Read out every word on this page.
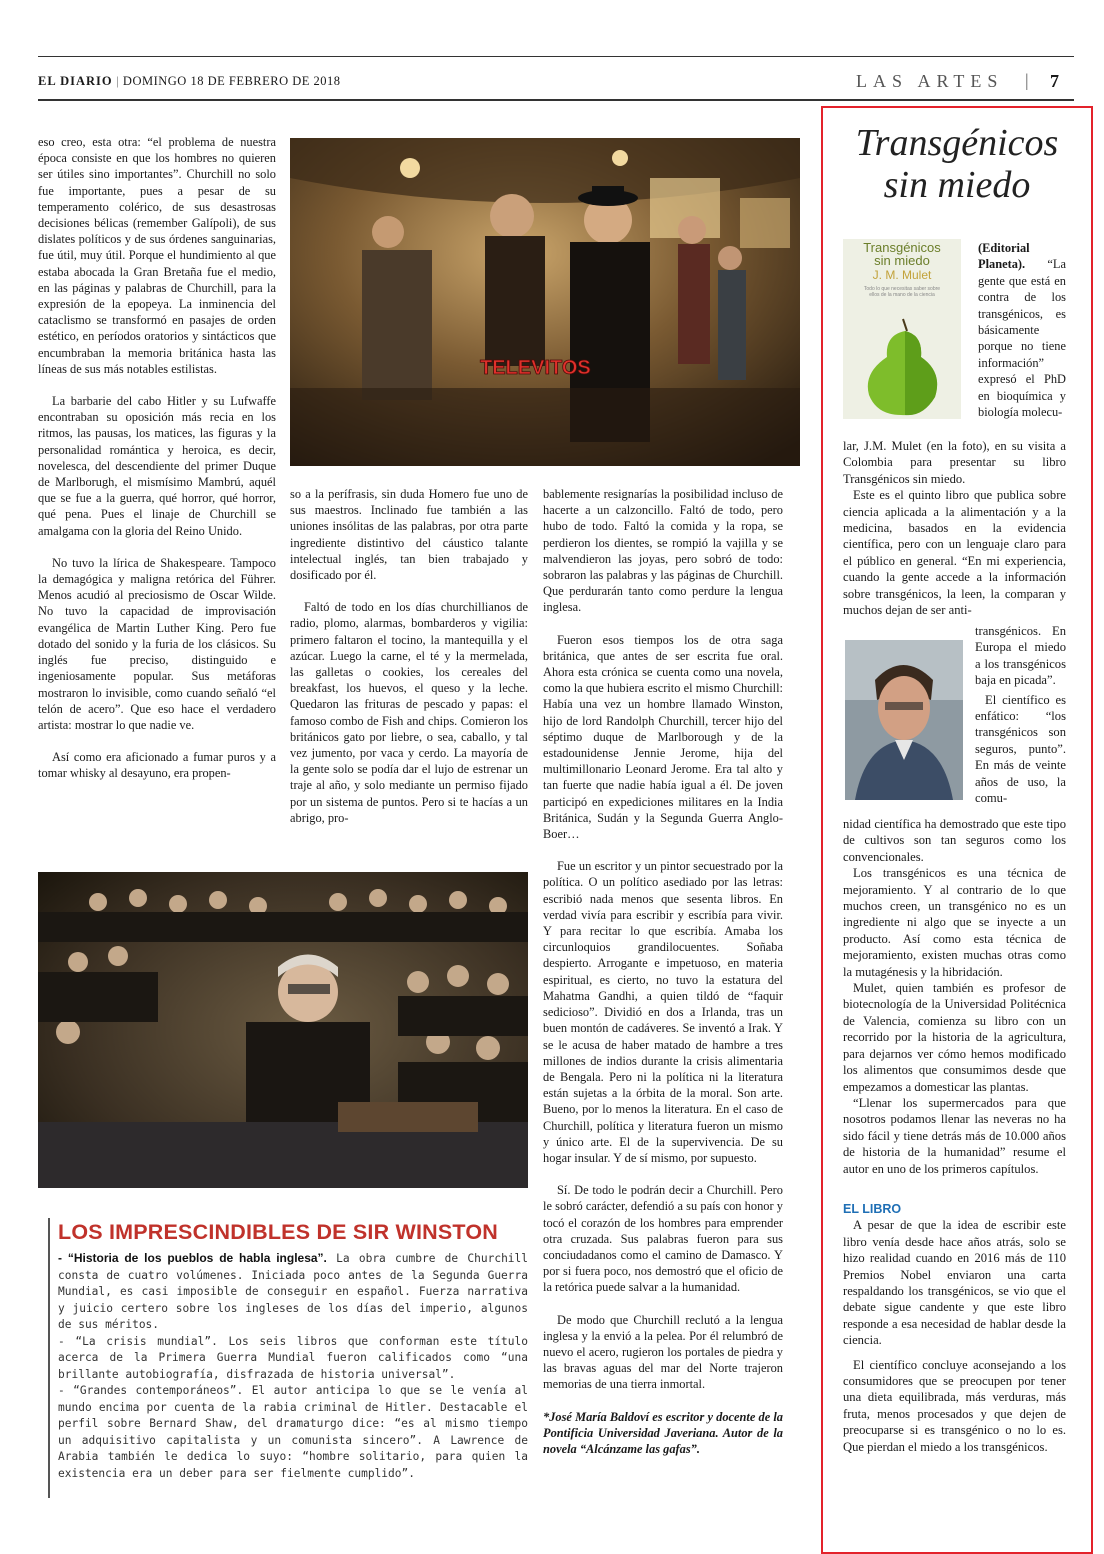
EL DIARIO | DOMINGO 18 DE FEBRERO DE 2018	LAS ARTES | 7

eso creo, esta otra: “el problema de nuestra época consiste en que los hombres no quieren ser útiles sino importantes”. Churchill no solo fue importante, pues a pesar de su temperamento colérico, de sus desastrosas decisiones bélicas (remember Galípoli), de sus dislates políticos y de sus órdenes sanguinarias, fue útil, muy útil. Porque el hundimiento al que estaba abocada la Gran Bretaña fue el medio, en las páginas y palabras de Churchill, para la expresión de la epopeya. La inminencia del cataclismo se transformó en pasajes de orden estético, en períodos oratorios y sintácticos que encumbraban la memoria británica hasta las líneas de sus más notables estilistas.

La barbarie del cabo Hitler y su Lufwaffe encontraban su oposición más recia en los ritmos, las pausas, los matices, las figuras y la personalidad romántica y heroica, es decir, novelesca, del descendiente del primer Duque de Marlborugh, el mismísimo Mambrú, aquél que se fue a la guerra, qué horror, qué horror, qué pena. Pues el linaje de Churchill se amalgama con la gloria del Reino Unido.

No tuvo la lírica de Shakespeare. Tampoco la demagógica y maligna retórica del Führer. Menos acudió al preciosismo de Oscar Wilde. No tuvo la capacidad de improvisación evangélica de Martin Luther King. Pero fue dotado del sonido y la furia de los clásicos. Su inglés fue preciso, distinguido e ingeniosamente popular. Sus metáforas mostraron lo invisible, como cuando señaló “el telón de acero”. Que eso hace el verdadero artista: mostrar lo que nadie ve.

Así como era aficionado a fumar puros y a tomar whisky al desayuno, era propen-

TELEVITOS

so a la perífrasis, sin duda Homero fue uno de sus maestros. Inclinado fue también a las uniones insólitas de las palabras, por otra parte ingrediente distintivo del cáustico talante intelectual inglés, tan bien trabajado y dosificado por él.

Faltó de todo en los días churchillianos de radio, plomo, alarmas, bombarderos y vigilia: primero faltaron el tocino, la mantequilla y el azúcar. Luego la carne, el té y la mermelada, las galletas o cookies, los cereales del breakfast, los huevos, el queso y la leche. Quedaron las frituras de pescado y papas: el famoso combo de Fish and chips. Comieron los británicos gato por liebre, o sea, caballo, y tal vez jumento, por vaca y cerdo. La mayoría de la gente solo se podía dar el lujo de estrenar un traje al año, y solo mediante un permiso fijado por un sistema de puntos. Pero si te hacías a un abrigo, pro-

bablemente resignarías la posibilidad incluso de hacerte a un calzoncillo. Faltó de todo, pero hubo de todo. Faltó la comida y la ropa, se perdieron los dientes, se rompió la vajilla y se malvendieron las joyas, pero sobró de todo: sobraron las palabras y las páginas de Churchill. Que perdurarán tanto como perdure la lengua inglesa.

Fueron esos tiempos los de otra saga británica, que antes de ser escrita fue oral. Ahora esta crónica se cuenta como una novela, como la que hubiera escrito el mismo Churchill: Había una vez un hombre llamado Winston, hijo de lord Randolph Churchill, tercer hijo del séptimo duque de Marlborough y de la estadounidense Jennie Jerome, hija del multimillonario Leonard Jerome. Era tal alto y tan fuerte que nadie había igual a él. De joven participó en expediciones militares en la India Británica, Sudán y la Segunda Guerra Anglo-Boer…

Fue un escritor y un pintor secuestrado por la política. O un político asediado por las letras: escribió nada menos que sesenta libros. En verdad vivía para escribir y escribía para vivir. Y para recitar lo que escribía. Amaba los circunloquios grandilocuentes. Soñaba despierto. Arrogante e impetuoso, en materia espiritual, es cierto, no tuvo la estatura del Mahatma Gandhi, a quien tildó de “faquir sedicioso”. Dividió en dos a Irlanda, tras un buen montón de cadáveres. Se inventó a Irak. Y se le acusa de haber matado de hambre a tres millones de indios durante la crisis alimentaria de Bengala. Pero ni la política ni la literatura están sujetas a la órbita de la moral. Son arte. Bueno, por lo menos la literatura. En el caso de Churchill, política y literatura fueron un mismo y único arte. El de la supervivencia. De su hogar insular. Y de sí mismo, por supuesto.

Sí. De todo le podrán decir a Churchill. Pero le sobró carácter, defendió a su país con honor y tocó el corazón de los hombres para emprender otra cruzada. Sus palabras fueron para sus conciudadanos como el camino de Damasco. Y por si fuera poco, nos demostró que el oficio de la retórica puede salvar a la humanidad.

De modo que Churchill reclutó a la lengua inglesa y la envió a la pelea. Por él relumbró de nuevo el acero, rugieron los portales de piedra y las bravas aguas del mar del Norte trajeron memorias de una tierra inmortal.

*José María Baldoví es escritor y docente de la Pontificia Universidad Javeriana. Autor de la novela “Alcánzame las gafas”.

LOS IMPRESCINDIBLES DE SIR WINSTON

- “Historia de los pueblos de habla inglesa”. La obra cumbre de Churchill consta de cuatro volúmenes. Iniciada poco antes de la Segunda Guerra Mundial, es casi imposible de conseguir en español. Fuerza narrativa y juicio certero sobre los ingleses de los días del imperio, algunos de sus méritos.

- “La crisis mundial”. Los seis libros que conforman este título acerca de la Primera Guerra Mundial fueron calificados como “una brillante autobiografía, disfrazada de historia universal”.

- “Grandes contemporáneos”. El autor anticipa lo que se le venía al mundo encima por cuenta de la rabia criminal de Hitler. Destacable el perfil sobre Bernard Shaw, del dramaturgo dice: “es al mismo tiempo un adquisitivo capitalista y un comunista sincero”. A Lawrence de Arabia también le dedica lo suyo: “hombre solitario, para quien la existencia era un deber para ser fielmente cumplido”.

Transgénicos
sin miedo
Transgénicos
sin miedo
J. M. Mulet
Todo lo que necesitas saber sobre ellos de la mano de la ciencia
(Editorial Planeta). “La gente que está en contra de los transgénicos, es básicamente porque no tiene información” expresó el PhD en bioquímica y biología molecu-

lar, J.M. Mulet (en la foto), en su visita a Colombia para presentar su libro Transgénicos sin miedo.

Este es el quinto libro que publica sobre ciencia aplicada a la alimentación y a la medicina, basados en la evidencia científica, pero con un lenguaje claro para el público en general. “En mi experiencia, cuando la gente accede a la información sobre transgénicos, la leen, la comparan y muchos dejan de ser anti-

transgénicos. En Europa el miedo a los transgénicos baja en picada”.

El científico es enfático: “los transgénicos son seguros, punto”. En más de veinte años de uso, la comu-

nidad científica ha demostrado que este tipo de cultivos son tan seguros como los convencionales.

Los transgénicos es una técnica de mejoramiento. Y al contrario de lo que muchos creen, un transgénico no es un ingrediente ni algo que se inyecte a un producto. Así como esta técnica de mejoramiento, existen muchas otras como la mutagénesis y la hibridación.

Mulet, quien también es profesor de biotecnología de la Universidad Politécnica de Valencia, comienza su libro con un recorrido por la historia de la agricultura, para dejarnos ver cómo hemos modificado los alimentos que consumimos desde que empezamos a domesticar las plantas.

“Llenar los supermercados para que nosotros podamos llenar las neveras no ha sido fácil y tiene detrás más de 10.000 años de historia de la humanidad” resume el autor en uno de los primeros capítulos.

EL LIBRO

A pesar de que la idea de escribir este libro venía desde hace años atrás, solo se hizo realidad cuando en 2016 más de 110 Premios Nobel enviaron una carta respaldando los transgénicos, se vio que el debate sigue candente y que este libro responde a esa necesidad de hablar desde la ciencia.

El científico concluye aconsejando a los consumidores que se preocupen por tener una dieta equilibrada, más verduras, más fruta, menos procesados y que dejen de preocuparse si es transgénico o no lo es. Que pierdan el miedo a los transgénicos.
